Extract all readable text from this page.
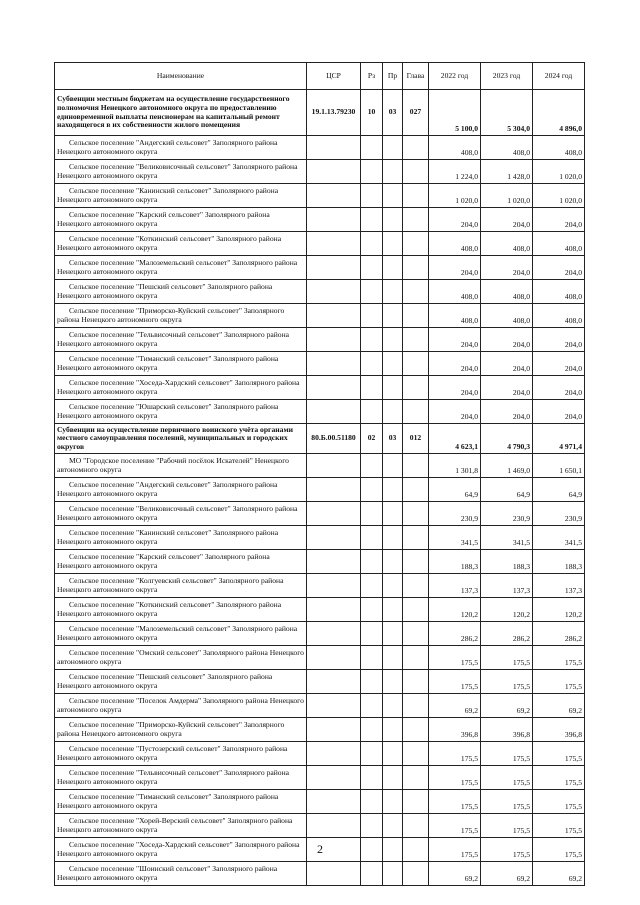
Наименование	ЦСР	Рз	Пр	Глава	2022 год	2023 год	2024 год
Субвенции местным бюджетам на осуществление государственного полномочия Ненецкого автономного округа по предоставлению единовременной выплаты пенсионерам на капитальный ремонт находящегося в их собственности жилого помещения	19.1.13.79230	10	03	027	5 100,0	5 304,0	4 896,0
Сельское поселение "Андегский сельсовет" Заполярного района Ненецкого автономного округа					408,0	408,0	408,0
Сельское поселение "Великовисочный сельсовет" Заполярного района Ненецкого автономного округа					1 224,0	1 428,0	1 020,0
Сельское поселение "Канинский сельсовет" Заполярного района Ненецкого автономного округа					1 020,0	1 020,0	1 020,0
Сельское поселение "Карский сельсовет" Заполярного района Ненецкого автономного округа					204,0	204,0	204,0
Сельское поселение "Коткинский сельсовет" Заполярного района Ненецкого автономного округа					408,0	408,0	408,0
Сельское поселение "Малоземельский сельсовет" Заполярного района Ненецкого автономного округа					204,0	204,0	204,0
Сельское поселение "Пешский сельсовет" Заполярного района Ненецкого автономного округа					408,0	408,0	408,0
Сельское поселение "Приморско-Куйский сельсовет" Заполярного района Ненецкого автономного округа					408,0	408,0	408,0
Сельское поселение "Тельвисочный сельсовет" Заполярного района Ненецкого автономного округа					204,0	204,0	204,0
Сельское поселение "Тиманский сельсовет" Заполярного района Ненецкого автономного округа					204,0	204,0	204,0
Сельское поселение "Хоседа-Хардский сельсовет" Заполярного района Ненецкого автономного округа					204,0	204,0	204,0
Сельское поселение "Юшарский сельсовет" Заполярного района Ненецкого автономного округа					204,0	204,0	204,0
Субвенции на осуществление первичного воинского учёта органами местного самоуправления поселений, муниципальных и городских округов	80.Б.00.51180	02	03	012	4 623,1	4 790,3	4 971,4
МО "Городское поселение "Рабочий посёлок Искателей" Ненецкого автономного округа					1 301,8	1 469,0	1 650,1
Сельское поселение "Андегский сельсовет" Заполярного района Ненецкого автономного округа					64,9	64,9	64,9
Сельское поселение "Великовисочный сельсовет" Заполярного района Ненецкого автономного округа					230,9	230,9	230,9
Сельское поселение "Канинский сельсовет" Заполярного района Ненецкого автономного округа					341,5	341,5	341,5
Сельское поселение "Карский сельсовет" Заполярного района Ненецкого автономного округа					188,3	188,3	188,3
Сельское поселение "Колгуевский сельсовет" Заполярного района Ненецкого автономного округа					137,3	137,3	137,3
Сельское поселение "Коткинский сельсовет" Заполярного района Ненецкого автономного округа					120,2	120,2	120,2
Сельское поселение "Малоземельский сельсовет" Заполярного района Ненецкого автономного округа					286,2	286,2	286,2
Сельское поселение "Омский сельсовет" Заполярного района Ненецкого автономного округа					175,5	175,5	175,5
Сельское поселение "Пешский сельсовет" Заполярного района Ненецкого автономного округа					175,5	175,5	175,5
Сельское поселение "Поселок Амдерма" Заполярного района Ненецкого автономного округа					69,2	69,2	69,2
Сельское поселение "Приморско-Куйский сельсовет" Заполярного района Ненецкого автономного округа					396,8	396,8	396,8
Сельское поселение "Пустозерский сельсовет" Заполярного района Ненецкого автономного округа					175,5	175,5	175,5
Сельское поселение "Тельвисочный сельсовет" Заполярного района Ненецкого автономного округа					175,5	175,5	175,5
Сельское поселение "Тиманский сельсовет" Заполярного района Ненецкого автономного округа					175,5	175,5	175,5
Сельское поселение "Хорей-Верский сельсовет" Заполярного района Ненецкого автономного округа					175,5	175,5	175,5
Сельское поселение "Хоседа-Хардский сельсовет" Заполярного района Ненецкого автономного округа					175,5	175,5	175,5
Сельское поселение "Шоинский сельсовет" Заполярного района Ненецкого автономного округа					69,2	69,2	69,2
2
